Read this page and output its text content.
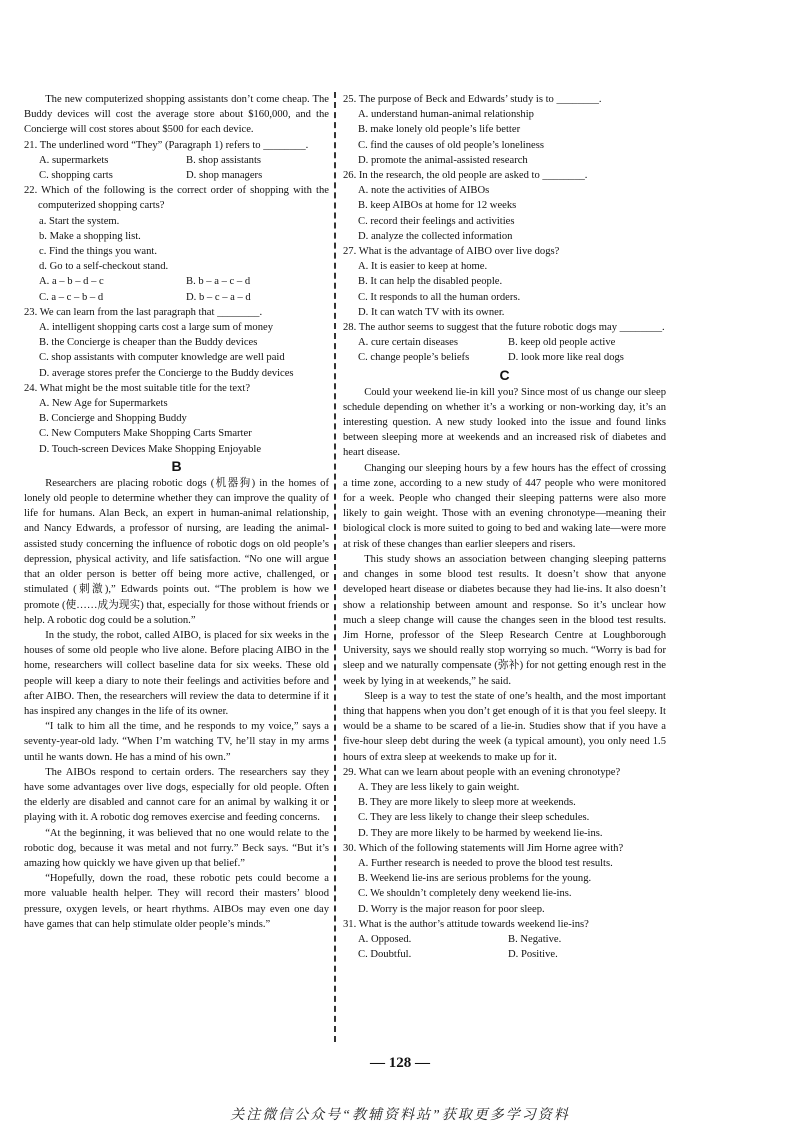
The new computerized shopping assistants don’t come cheap. The Buddy devices will cost the average store about $160,000, and the Concierge will cost stores about $500 for each device.

21. The underlined word “They” (Paragraph 1) refers to ________.

A. supermarkets	B. shop assistants
C. shopping carts	D. shop managers

22. Which of the following is the correct order of shopping with the computerized shopping carts?

a. Start the system.

b. Make a shopping list.

c. Find the things you want.

d. Go to a self-checkout stand.

A. a – b – d – c	B. b – a – c – d
C. a – c – b – d	D. b – c – a – d

23. We can learn from the last paragraph that ________.

A. intelligent shopping carts cost a large sum of money

B. the Concierge is cheaper than the Buddy devices

C. shop assistants with computer knowledge are well paid

D. average stores prefer the Concierge to the Buddy devices

24. What might be the most suitable title for the text?

A. New Age for Supermarkets

B. Concierge and Shopping Buddy

C. New Computers Make Shopping Carts Smarter

D. Touch-screen Devices Make Shopping Enjoyable

B

Researchers are placing robotic dogs (机器狗) in the homes of lonely old people to determine whether they can improve the quality of life for humans. Alan Beck, an expert in human-animal relationship, and Nancy Edwards, a professor of nursing, are leading the animal-assisted study concerning the influence of robotic dogs on old people’s depression, physical activity, and life satisfaction. “No one will argue that an older person is better off being more active, challenged, or stimulated (刺激),” Edwards points out. “The problem is how we promote (使……成为现实) that, especially for those without friends or help. A robotic dog could be a solution.”

In the study, the robot, called AIBO, is placed for six weeks in the houses of some old people who live alone. Before placing AIBO in the home, researchers will collect baseline data for six weeks. These old people will keep a diary to note their feelings and activities before and after AIBO. Then, the researchers will review the data to determine if it has inspired any changes in the life of its owner.

“I talk to him all the time, and he responds to my voice,” says a seventy-year-old lady. “When I’m watching TV, he’ll stay in my arms until he wants down. He has a mind of his own.”

The AIBOs respond to certain orders. The researchers say they have some advantages over live dogs, especially for old people. Often the elderly are disabled and cannot care for an animal by walking it or playing with it. A robotic dog removes exercise and feeding concerns.

“At the beginning, it was believed that no one would relate to the robotic dog, because it was metal and not furry.” Beck says. “But it’s amazing how quickly we have given up that belief.”

“Hopefully, down the road, these robotic pets could become a more valuable health helper. They will record their masters’ blood pressure, oxygen levels, or heart rhythms. AIBOs may even one day have games that can help stimulate older people’s minds.”

25. The purpose of Beck and Edwards’ study is to ________.

A. understand human-animal relationship

B. make lonely old people’s life better

C. find the causes of old people’s loneliness

D. promote the animal-assisted research

26. In the research, the old people are asked to ________.

A. note the activities of AIBOs

B. keep AIBOs at home for 12 weeks

C. record their feelings and activities

D. analyze the collected information

27. What is the advantage of AIBO over live dogs?

A. It is easier to keep at home.

B. It can help the disabled people.

C. It responds to all the human orders.

D. It can watch TV with its owner.

28. The author seems to suggest that the future robotic dogs may ________.

A. cure certain diseases	B. keep old people active
C. change people’s beliefs	D. look more like real dogs
C

Could your weekend lie-in kill you? Since most of us change our sleep schedule depending on whether it’s a working or non-working day, it’s an interesting question. A new study looked into the issue and found links between sleeping more at weekends and an increased risk of diabetes and heart disease.

Changing our sleeping hours by a few hours has the effect of crossing a time zone, according to a new study of 447 people who were monitored for a week. People who changed their sleeping patterns were also more likely to gain weight. Those with an evening chronotype—meaning their biological clock is more suited to going to bed and waking late—were more at risk of these changes than earlier sleepers and risers.

This study shows an association between changing sleeping patterns and changes in some blood test results. It doesn’t show that anyone developed heart disease or diabetes because they had lie-ins. It also doesn’t show a relationship between amount and response. So it’s unclear how much a sleep change will cause the changes seen in the blood test results. Jim Horne, professor of the Sleep Research Centre at Loughborough University, says we should really stop worrying so much. “Worry is bad for sleep and we naturally compensate (弥补) for not getting enough rest in the week by lying in at weekends,” he said.

Sleep is a way to test the state of one’s health, and the most important thing that happens when you don’t get enough of it is that you feel sleepy. It would be a shame to be scared of a lie-in. Studies show that if you have a five-hour sleep debt during the week (a typical amount), you only need 1.5 hours of extra sleep at weekends to make up for it.

29. What can we learn about people with an evening chronotype?

A. They are less likely to gain weight.

B. They are more likely to sleep more at weekends.

C. They are less likely to change their sleep schedules.

D. They are more likely to be harmed by weekend lie-ins.

30. Which of the following statements will Jim Horne agree with?

A. Further research is needed to prove the blood test results.

B. Weekend lie-ins are serious problems for the young.

C. We shouldn’t completely deny weekend lie-ins.

D. Worry is the major reason for poor sleep.

31. What is the author’s attitude towards weekend lie-ins?

A. Opposed.	B. Negative.
C. Doubtful.	D. Positive.
— 128 —
关注微信公众号“教辅资料站”获取更多学习资料
